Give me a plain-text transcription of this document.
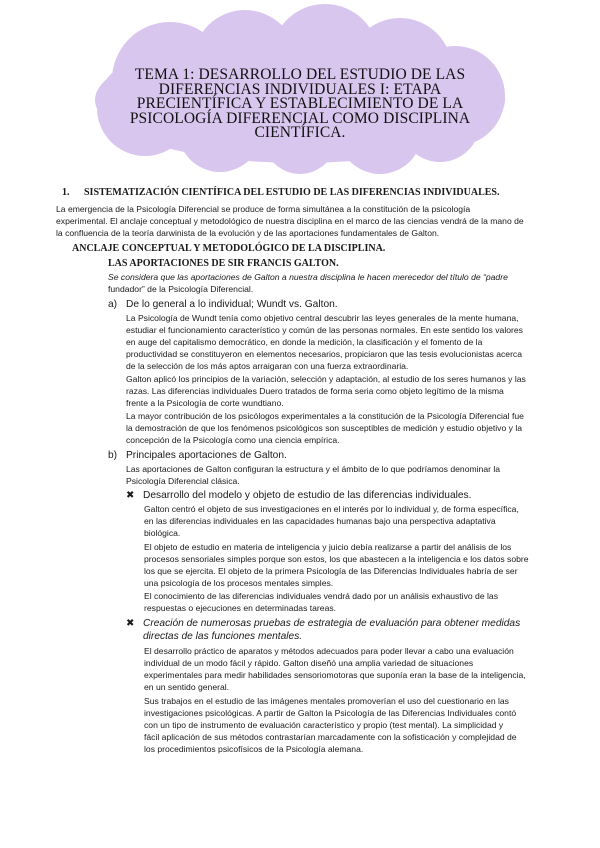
TEMA 1: DESARROLLO DEL ESTUDIO DE LAS DIFERENCIAS INDIVIDUALES I: ETAPA PRECIENTÍFICA Y ESTABLECIMIENTO DE LA PSICOLOGÍA DIFERENCIAL COMO DISCIPLINA CIENTÍFICA.

1. SISTEMATIZACIÓN CIENTÍFICA DEL ESTUDIO DE LAS DIFERENCIAS INDIVIDUALES.

La emergencia de la Psicología Diferencial se produce de forma simultánea a la constitución de la psicología

experimental. El anclaje conceptual y metodológico de nuestra disciplina en el marco de las ciencias vendrá de la mano de

la confluencia de la teoría darwinista de la evolución y de las aportaciones fundamentales de Galton.

ANCLAJE CONCEPTUAL Y METODOLÓGICO DE LA DISCIPLINA.

LAS APORTACIONES DE SIR FRANCIS GALTON.

Se considera que las aportaciones de Galton a nuestra disciplina le hacen merecedor del título de “padre

fundador” de la Psicología Diferencial.

a) De lo general a lo individual; Wundt vs. Galton.

La Psicología de Wundt tenía como objetivo central descubrir las leyes generales de la mente humana,

estudiar el funcionamiento característico y común de las personas normales. En este sentido los valores

en auge del capitalismo democrático, en donde la medición, la clasificación y el fomento de la

productividad se constituyeron en elementos necesarios, propiciaron que las tesis evolucionistas acerca

de la selección de los más aptos arraigaran con una fuerza extraordinaria.

Galton aplicó los principios de la variación, selección y adaptación, al estudio de los seres humanos y las

razas. Las diferencias individuales Duero tratados de forma seria como objeto legítimo de la misma

frente a la Psicología de corte wundtiano.

La mayor contribución de los psicólogos experimentales a la constitución de la Psicología Diferencial fue

la demostración de que los fenómenos psicológicos son susceptibles de medición y estudio objetivo y la

concepción de la Psicología como una ciencia empírica.

b) Principales aportaciones de Galton.

Las aportaciones de Galton configuran la estructura y el ámbito de lo que podríamos denominar la

Psicología Diferencial clásica.

✖ Desarrollo del modelo y objeto de estudio de las diferencias individuales.

Galton centró el objeto de sus investigaciones en el interés por lo individual y, de forma específica,

en las diferencias individuales en las capacidades humanas bajo una perspectiva adaptativa

biológica.

El objeto de estudio en materia de inteligencia y juicio debía realizarse a partir del análisis de los

procesos sensoriales simples porque son estos, los que abastecen a la inteligencia e los datos sobre

los que se ejercita. El objeto de la primera Psicología de las Diferencias Individuales habría de ser

una psicología de los procesos mentales simples.

El conocimiento de las diferencias individuales vendrá dado por un análisis exhaustivo de las

respuestas o ejecuciones en determinadas tareas.

✖ Creación de numerosas pruebas de estrategia de evaluación para obtener medidas

directas de las funciones mentales.

El desarrollo práctico de aparatos y métodos adecuados para poder llevar a cabo una evaluación

individual de un modo fácil y rápido. Galton diseñó una amplia variedad de situaciones

experimentales para medir habilidades sensoriomotoras que suponía eran la base de la inteligencia,

en un sentido general.

Sus trabajos en el estudio de las imágenes mentales promoverían el uso del cuestionario en las

investigaciones psicológicas. A partir de Galton la Psicología de las Diferencias Individuales contó

con un tipo de instrumento de evaluación característico y propio (test mental). La simplicidad y

fácil aplicación de sus métodos contrastarían marcadamente con la sofisticación y complejidad de

los procedimientos psicofísicos de la Psicología alemana.
